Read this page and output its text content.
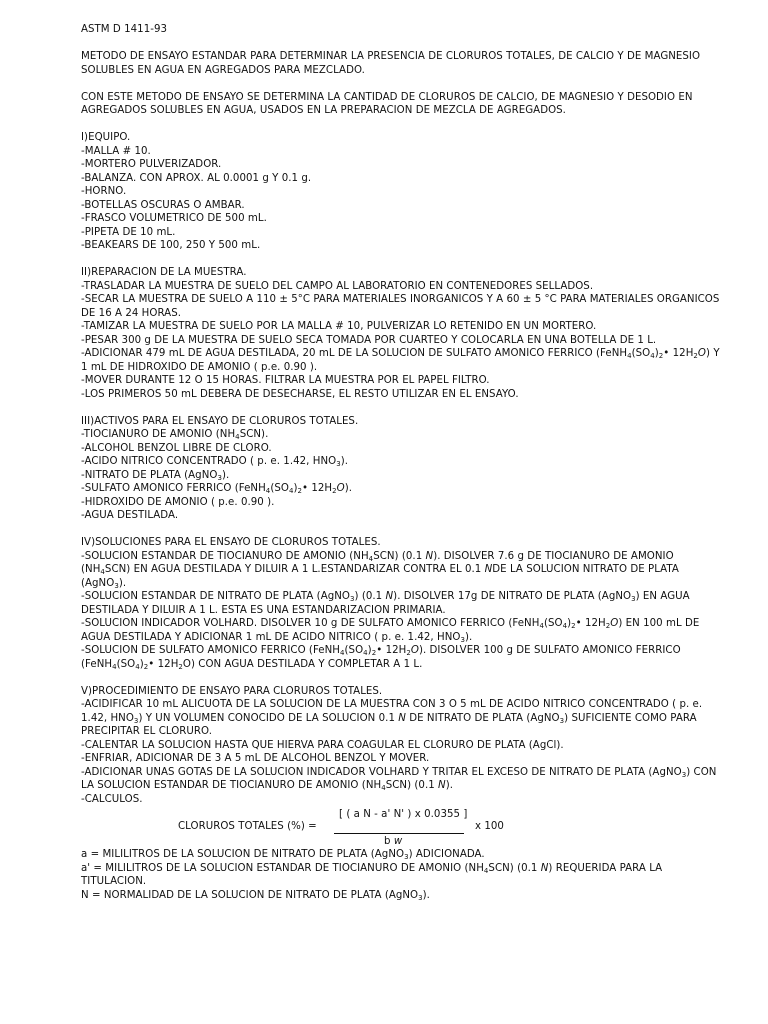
ASTM D 1411-93

METODO DE ENSAYO ESTANDAR PARA DETERMINAR LA PRESENCIA DE CLORUROS TOTALES, DE CALCIO Y DE MAGNESIO SOLUBLES EN AGUA EN AGREGADOS PARA MEZCLADO.

CON ESTE METODO DE ENSAYO SE DETERMINA LA CANTIDAD DE CLORUROS DE CALCIO, DE MAGNESIO Y DESODIO EN AGREGADOS SOLUBLES EN AGUA, USADOS EN LA PREPARACION DE MEZCLA DE AGREGADOS.

I)EQUIPO.

-MALLA # 10.

-MORTERO PULVERIZADOR.

-BALANZA. CON APROX. AL 0.0001 g Y 0.1 g.

-HORNO.

-BOTELLAS OSCURAS O AMBAR.

-FRASCO VOLUMETRICO DE 500 mL.

-PIPETA DE 10 mL.

-BEAKEARS DE 100, 250 Y 500 mL.

II)REPARACION DE LA MUESTRA.

-TRASLADAR LA MUESTRA DE SUELO DEL CAMPO AL LABORATORIO EN CONTENEDORES SELLADOS.

-SECAR LA MUESTRA DE SUELO A 110 ± 5°C PARA MATERIALES INORGANICOS Y A 60 ± 5 °C PARA MATERIALES ORGANICOS DE 16 A 24 HORAS.

-TAMIZAR LA MUESTRA DE SUELO POR LA MALLA # 10, PULVERIZAR LO RETENIDO EN UN MORTERO.

-PESAR 300 g DE LA MUESTRA DE SUELO SECA TOMADA POR CUARTEO Y COLOCARLA EN UNA BOTELLA DE 1 L.

-ADICIONAR 479 mL DE AGUA DESTILADA, 20 mL DE LA SOLUCION DE SULFATO AMONICO FERRICO ($FeNH_4(SO_4)_2•$ $12H_2O$) Y 1 mL DE HIDROXIDO DE AMONIO ( p.e. 0.90 ).

-MOVER DURANTE 12 O 15 HORAS. FILTRAR LA MUESTRA POR EL PAPEL FILTRO.

-LOS PRIMEROS 50 mL DEBERA DE DESECHARSE, EL RESTO UTILIZAR EN EL ENSAYO.

III)ACTIVOS PARA EL ENSAYO DE CLORUROS TOTALES.

-TIOCIANURO DE AMONIO $(NH_4SCN)$.

-ALCOHOL BENZOL LIBRE DE CLORO.

-ACIDO NITRICO CONCENTRADO ( p. e. 1.42, $HNO_3$).

-NITRATO DE PLATA (AgNO$_3$).

-SULFATO AMONICO FERRICO ($FeNH_4(SO_4)_2•$ $12H_2O$).

-HIDROXIDO DE AMONIO ( p.e. 0.90 ).

-AGUA DESTILADA.

IV)SOLUCIONES PARA EL ENSAYO DE CLORUROS TOTALES.

-SOLUCION ESTANDAR DE TIOCIANURO DE AMONIO $(NH_4SCN)$ (0.1 N). DISOLVER 7.6 g DE TIOCIANURO DE AMONIO $(NH_4SCN)$ EN AGUA DESTILADA Y DILUIR A 1 L.ESTANDARIZAR CONTRA EL 0.1 NDE LA SOLUCION NITRATO DE PLATA (AgNO$_3$).

-SOLUCION ESTANDAR DE NITRATO DE PLATA (AgNO$_3$) (0.1 N). DISOLVER 17g DE NITRATO DE PLATA (AgNO$_3$) EN AGUA DESTILADA Y DILUIR A 1 L. ESTA ES UNA ESTANDARIZACION PRIMARIA.

-SOLUCION INDICADOR VOLHARD. DISOLVER 10 g DE SULFATO AMONICO FERRICO ($FeNH_4(SO_4)_2•$ $12H_2O$) EN 100 mL DE AGUA DESTILADA Y ADICIONAR 1 mL DE ACIDO NITRICO ( p. e. 1.42, $HNO_3$).

-SOLUCION DE SULFATO AMONICO FERRICO ($FeNH_4(SO_4)_2•$ $12H_2O$). DISOLVER 100 g DE SULFATO AMONICO FERRICO ($FeNH_4(SO_4)_2•$ $12H_2O$) CON AGUA DESTILADA Y COMPLETAR A 1 L.

V)PROCEDIMIENTO DE ENSAYO PARA CLORUROS TOTALES.

-ACIDIFICAR 10 mL ALICUOTA DE LA SOLUCION DE LA MUESTRA CON 3 O 5 mL DE ACIDO NITRICO CONCENTRADO ( p. e. 1.42, $HNO_3$) Y UN VOLUMEN CONOCIDO DE LA SOLUCION 0.1 N DE NITRATO DE PLATA (AgNO$_3$) SUFICIENTE COMO PARA PRECIPITAR EL CLORURO.

-CALENTAR LA SOLUCION HASTA QUE HIERVA PARA COAGULAR EL CLORURO DE PLATA (AgCl).

-ENFRIAR, ADICIONAR DE 3 A 5 mL DE ALCOHOL BENZOL Y MOVER.

-ADICIONAR UNAS GOTAS DE LA SOLUCION INDICADOR VOLHARD Y TRITAR EL EXCESO DE NITRATO DE PLATA (AgNO$_3$) CON LA SOLUCION ESTANDAR DE TIOCIANURO DE AMONIO $(NH_4SCN)$ (0.1 N).

-CALCULOS.

[ ( a N - a' N' ) x 0.0355 ]
CLORUROS TOTALES (%) =	x 100
b w

a = MILILITROS DE LA SOLUCION DE NITRATO DE PLATA (AgNO$_3$) ADICIONADA.

a' = MILILITROS DE LA SOLUCION ESTANDAR DE TIOCIANURO DE AMONIO $(NH_4SCN)$ (0.1 N) REQUERIDA PARA LA TITULACION.

N = NORMALIDAD DE LA SOLUCION DE NITRATO DE PLATA (AgNO$_3$).
